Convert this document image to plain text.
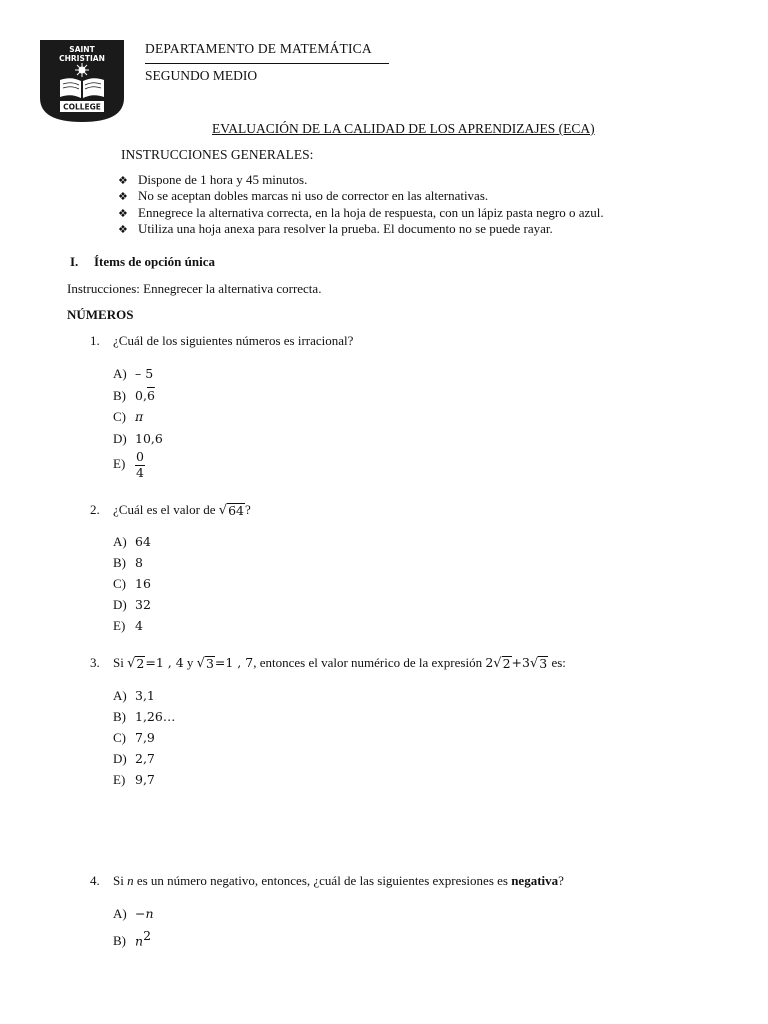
SAINT
CHRISTIAN
COLLEGE
DEPARTAMENTO DE MATEMÁTICA
SEGUNDO MEDIO
EVALUACIÓN DE LA CALIDAD DE LOS APRENDIZAJES (ECA)
INSTRUCCIONES GENERALES:
❖ Dispone de 1 hora y 45 minutos.
❖ No se aceptan dobles marcas ni uso de corrector en las alternativas.
❖ Ennegrece la alternativa correcta, en la hoja de respuesta, con un lápiz pasta negro o azul.
❖ Utiliza una hoja anexa para resolver la prueba. El documento no se puede rayar.
I. Ítems de opción única
Instrucciones: Ennegrecer la alternativa correcta.
NÚMEROS
1. ¿Cuál de los siguientes números es irracional?
A) – 5
B) 0,6
C) π
D) 10,6
$E) \frac{0}{4}$
2. ¿Cuál es el valor de √ 64 ?
A) 64
B) 8
C) 16
D) 32
E) 4
3. Si √ 2 =1 , 4 y √ 3 =1 , 7, entonces el valor numérico de la expresión 2 √ 2 +3 √ 3 es:
A) 3,1
B) 1,26…
C) 7,9
D) 2,7
E) 9,7
4. Si n es un número negativo, entonces, ¿cuál de las siguientes expresiones es negativa?
A) −n
B) $n^2$
